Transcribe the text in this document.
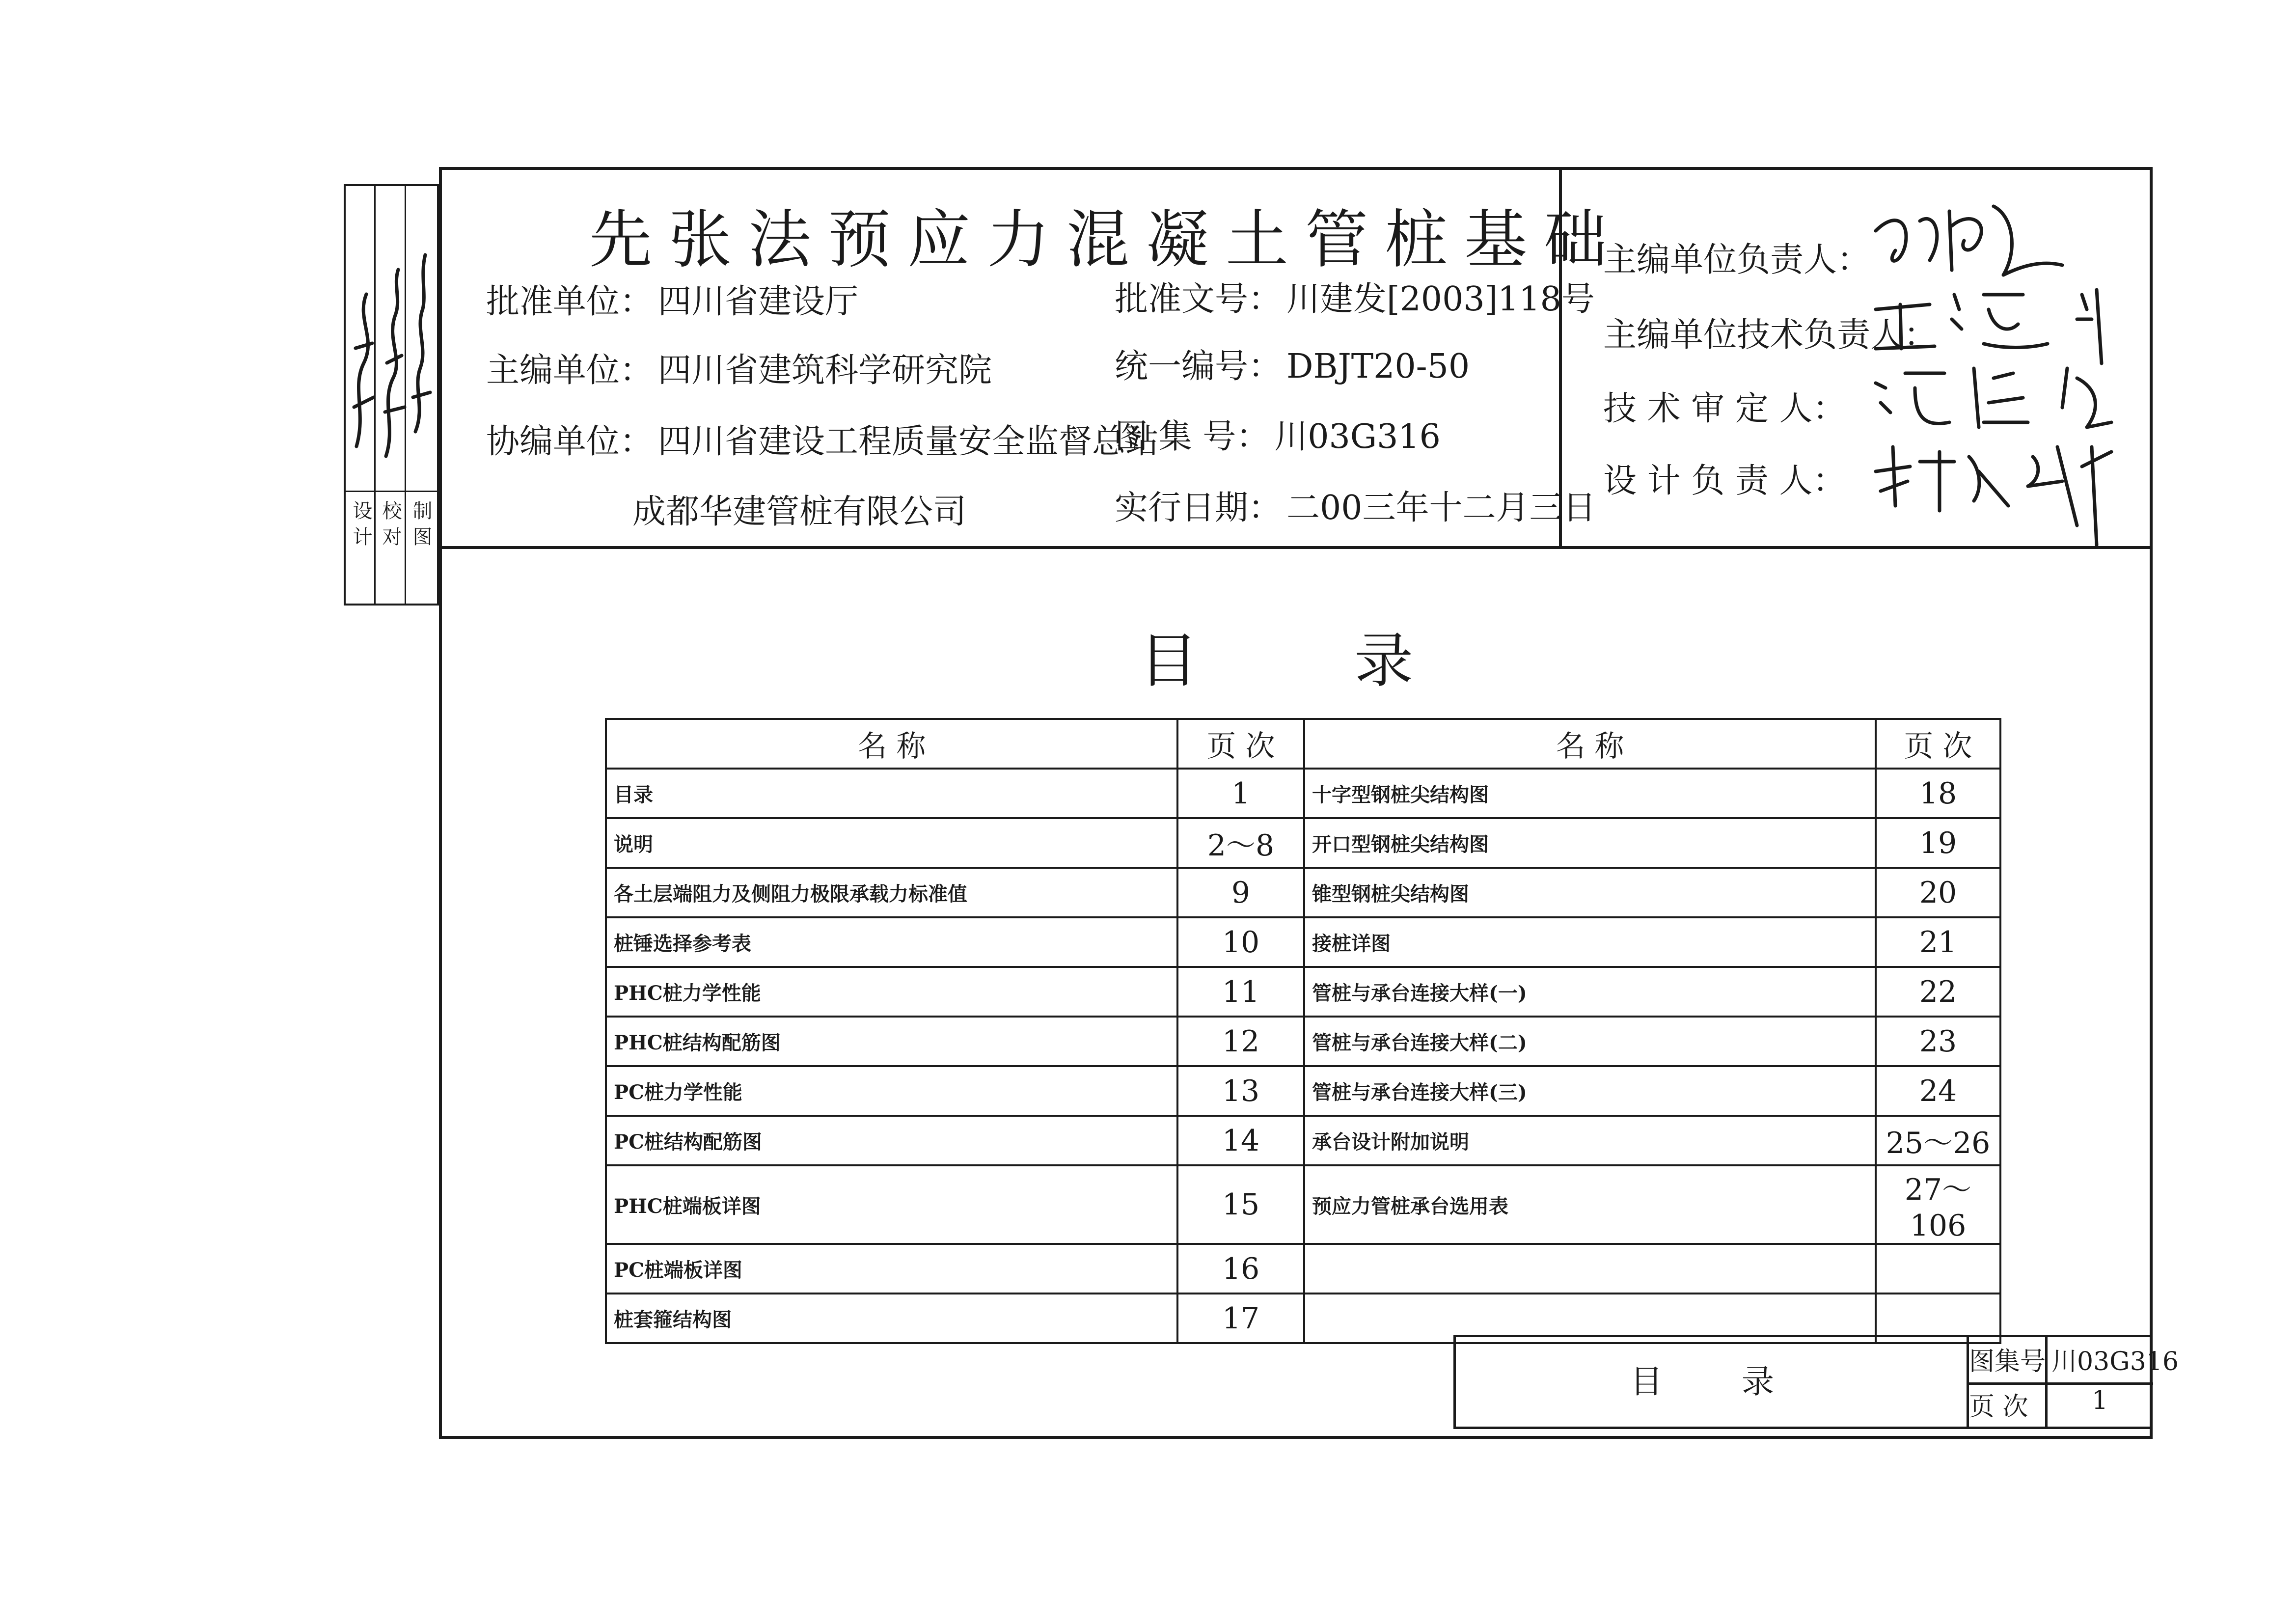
设 计 校 对 制 图
先张法预应力混凝土管桩基础
批准单位： 四川省建设厅
主编单位： 四川省建筑科学研究院
协编单位： 四川省建设工程质量安全监督总站
成都华建管桩有限公司
批准文号： 川建发[2003]118号
统一编号： DBJT20-50
图 集 号： 川03G316
实行日期： 二00三年十二月三日
主编单位负责人：
主编单位技术负责人：
技 术 审 定 人：
设 计 负 责 人：
目 录
名 称	页 次	名 称	页 次
目录	1	十字型钢桩尖结构图	18
说明	2～8	开口型钢桩尖结构图	19
各土层端阻力及侧阻力极限承载力标准值	9	锥型钢桩尖结构图	20
桩锤选择参考表	10	接桩详图	21
PHC桩力学性能	11	管桩与承台连接大样(一)	22
PHC桩结构配筋图	12	管桩与承台连接大样(二)	23
PC桩力学性能	13	管桩与承台连接大样(三)	24
PC桩结构配筋图	14	承台设计附加说明	25～26
PHC桩端板详图	15	预应力管桩承台选用表	27～106
PC桩端板详图	16		
桩套箍结构图	17		
目 录
图集号 川03G316
页 次 1
